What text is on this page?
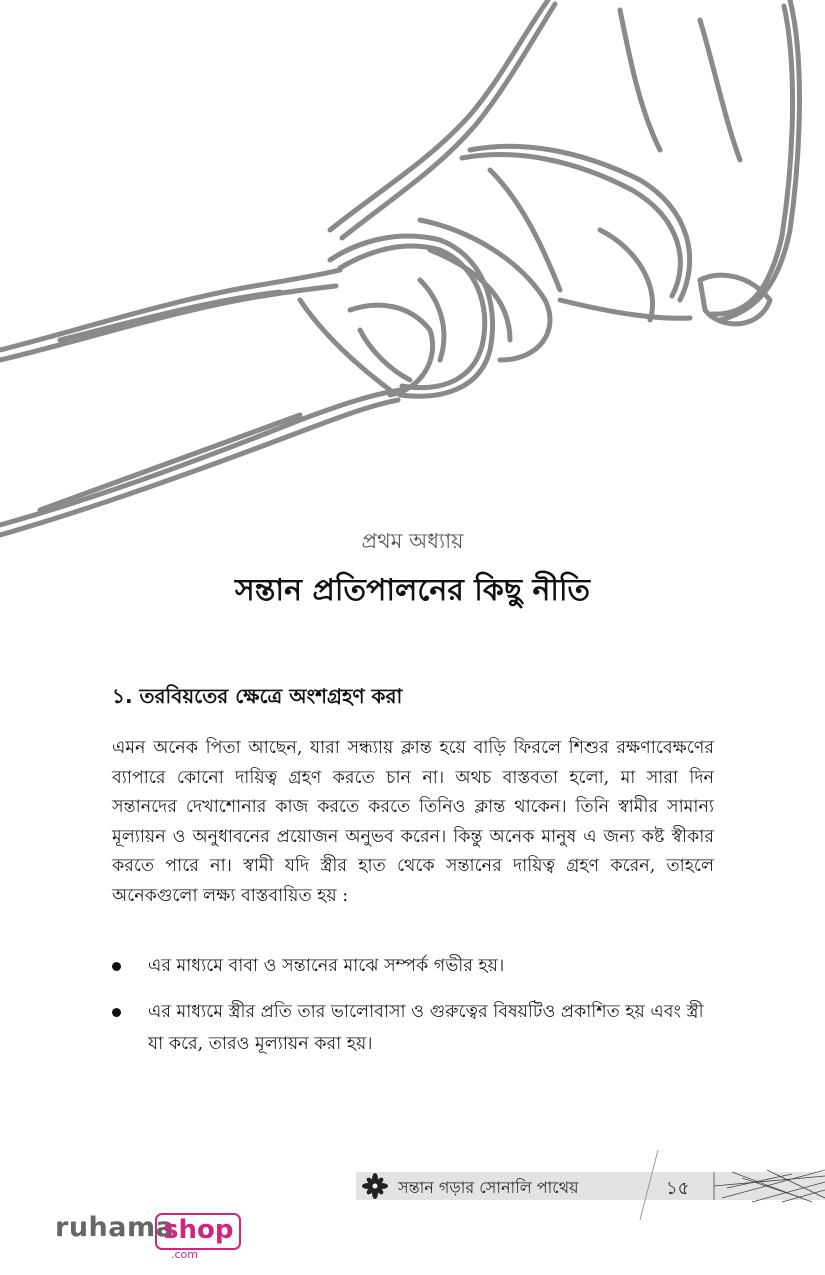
প্রথম অধ্যায়
সন্তান প্রতিপালনের কিছু নীতি
১. তরবিয়তের ক্ষেত্রে অংশগ্রহণ করা

এমন অনেক পিতা আছেন, যারা সন্ধ্যায় ক্লান্ত হয়ে বাড়ি ফিরলে শিশুর রক্ষণাবেক্ষণের ব্যাপারে কোনো দায়িত্ব গ্রহণ করতে চান না। অথচ বাস্তবতা হলো, মা সারা দিন সন্তানদের দেখাশোনার কাজ করতে করতে তিনিও ক্লান্ত থাকেন। তিনি স্বামীর সামান্য মূল্যায়ন ও অনুধাবনের প্রয়োজন অনুভব করেন। কিন্তু অনেক মানুষ এ জন্য কষ্ট স্বীকার করতে পারে না। স্বামী যদি স্ত্রীর হাত থেকে সন্তানের দায়িত্ব গ্রহণ করেন, তাহলে অনেকগুলো লক্ষ্য বাস্তবায়িত হয় :

এর মাধ্যমে বাবা ও সন্তানের মাঝে সম্পর্ক গভীর হয়।
এর মাধ্যমে স্ত্রীর প্রতি তার ভালোবাসা ও গুরুত্বের বিষয়টিও প্রকাশিত হয় এবং স্ত্রী যা করে, তারও মূল্যায়ন করা হয়।
সন্তান গড়ার সোনালি পাথেয়	১৫
ruhama
shop
.com
